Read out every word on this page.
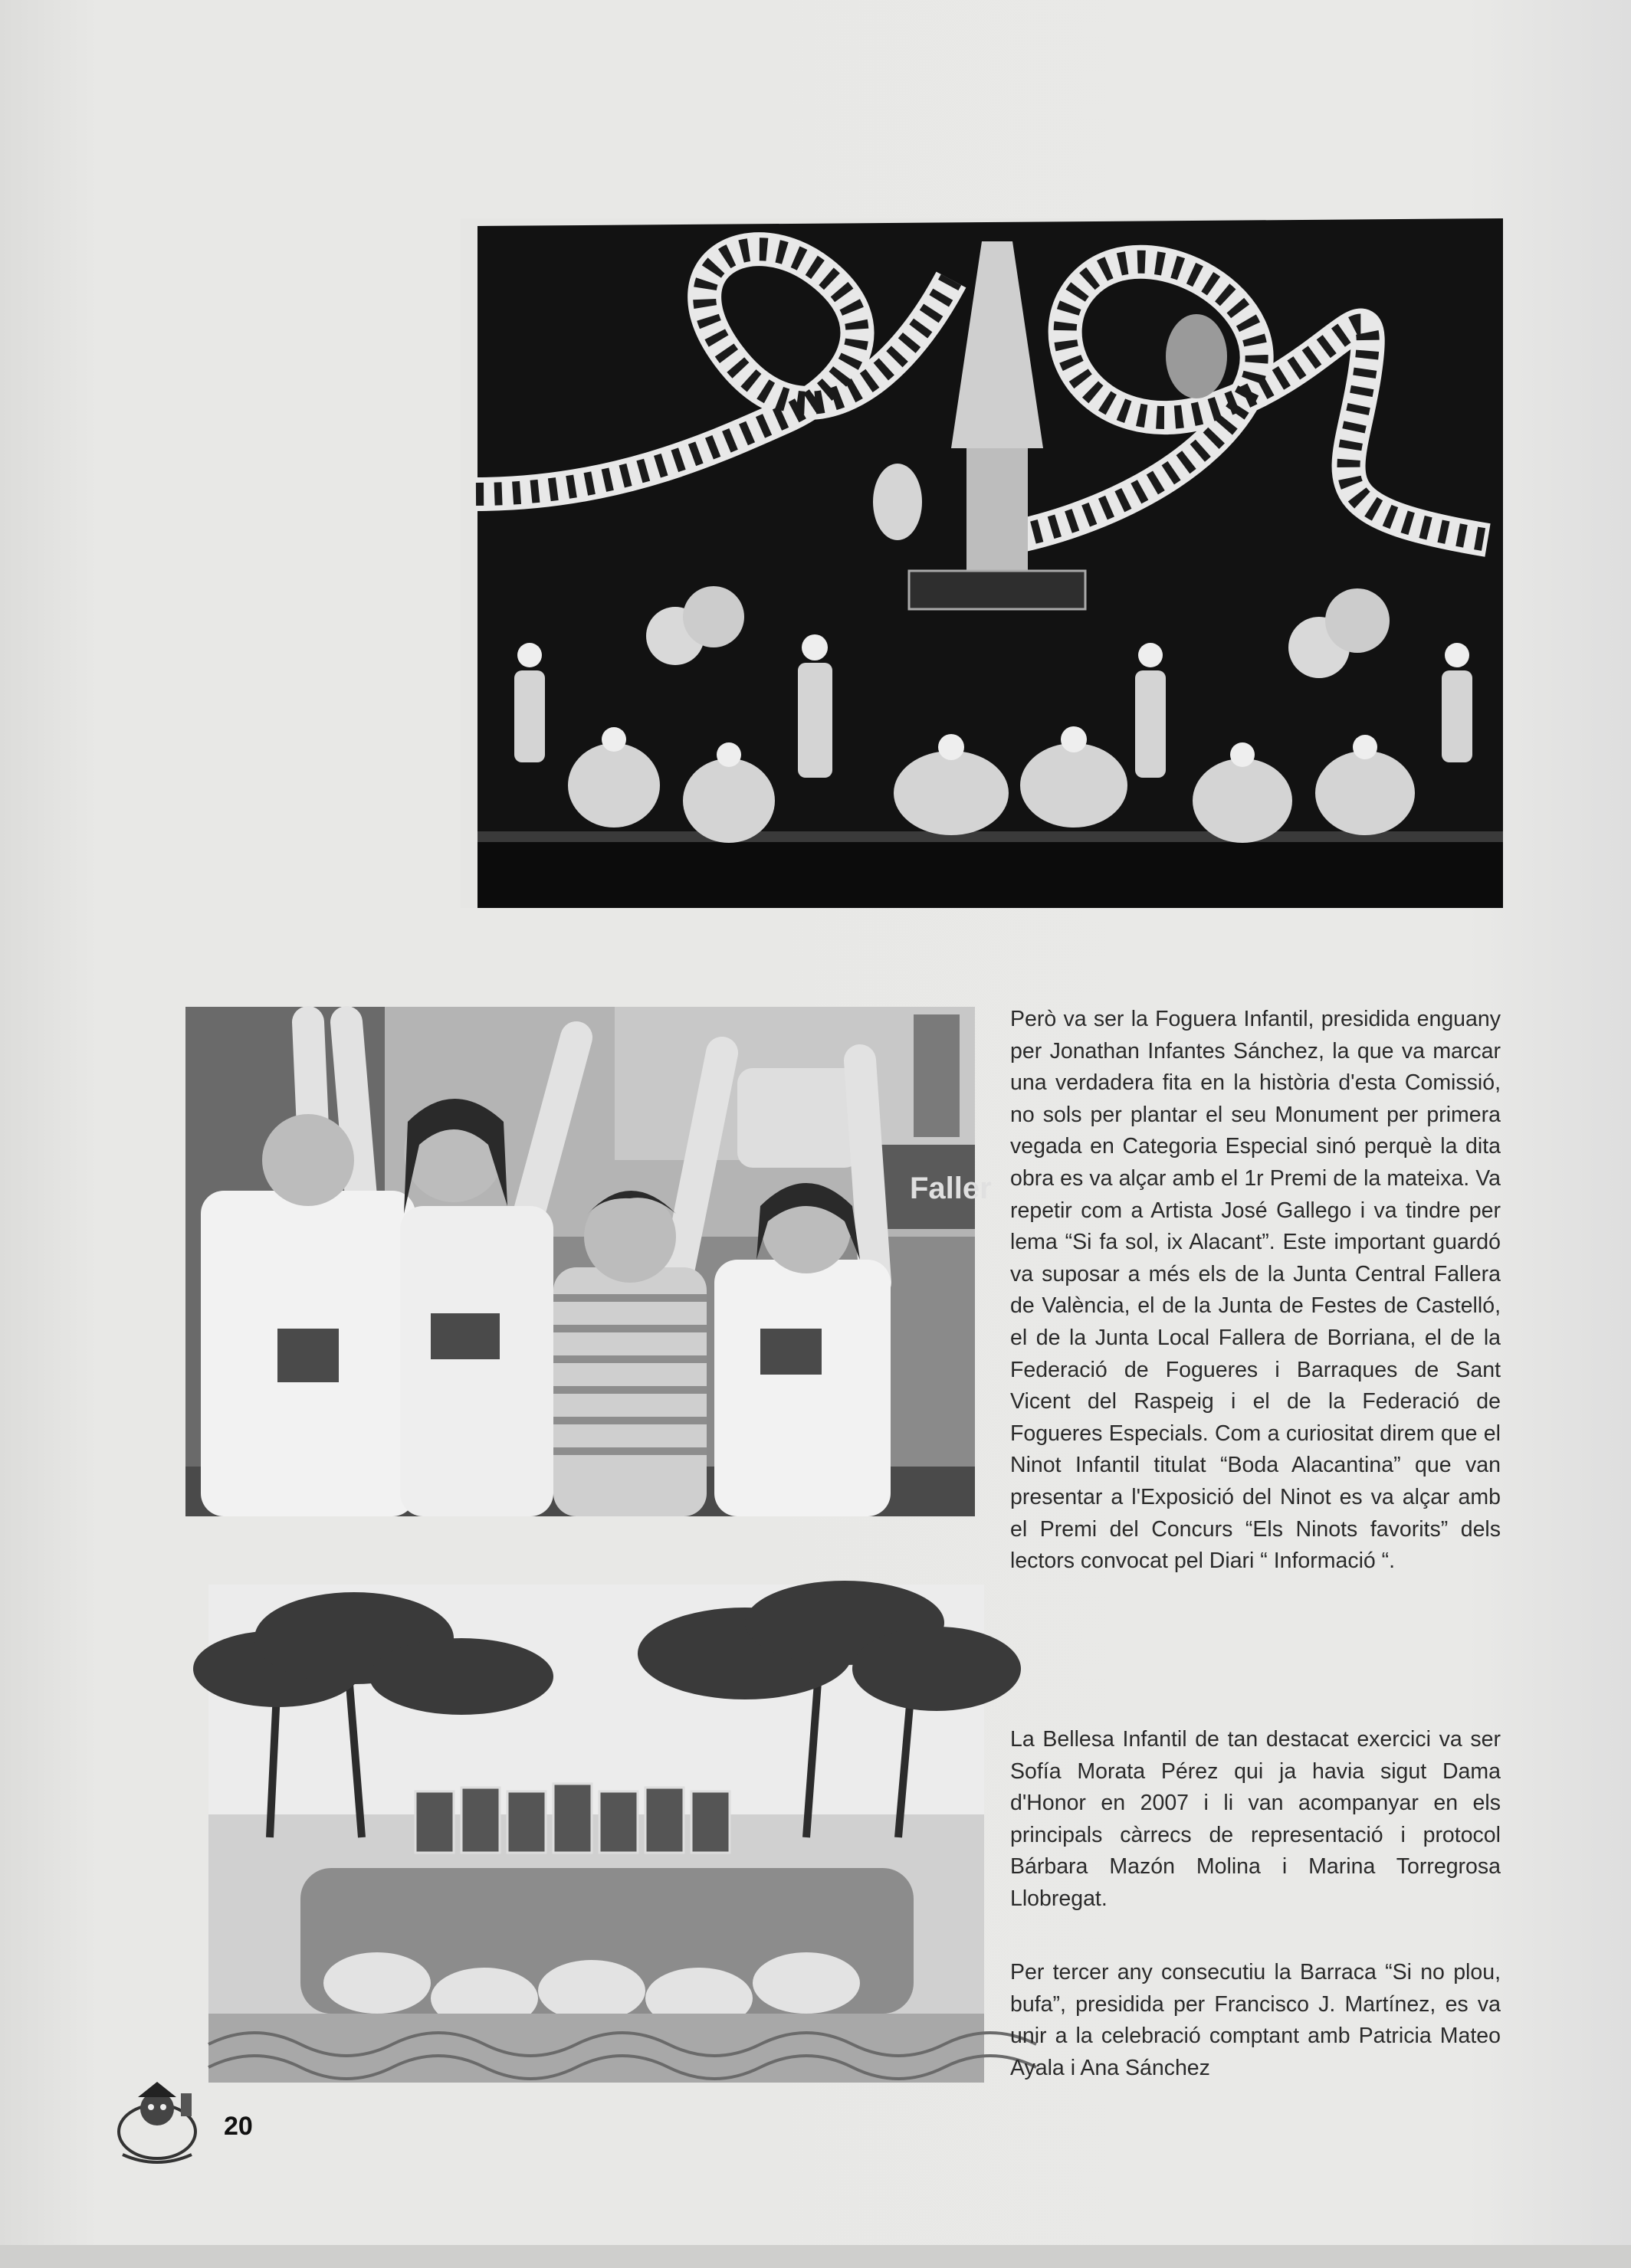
Faller

Però va ser la Foguera Infantil, presidida enguany per Jonathan Infantes Sánchez, la que va marcar una verdadera fita en la història d'esta Comissió, no sols per plantar el seu Monument per primera vegada en Categoria Especial sinó perquè la dita obra es va alçar amb el 1r Premi de la mateixa. Va repetir com a Artista José Gallego i va tindre per lema “Si fa sol, ix Alacant”. Este important guardó va suposar a més els de la Junta Central Fallera de València, el de la Junta de Festes de Castelló, el de la Junta Local Fallera de Borriana, el de la Federació de Fogueres i Barraques de Sant Vicent del Raspeig i el de la Federació de Fogueres Especials. Com a curiositat direm que el Ninot Infantil titulat “Boda Alacantina” que van presentar a l'Exposició del Ninot es va alçar amb el Premi del Concurs “Els Ninots favorits” dels lectors convocat pel Diari “ Informació “.

La Bellesa Infantil de tan destacat exercici va ser Sofía Morata Pérez qui ja havia sigut Dama d'Honor en 2007 i li van acompanyar en els principals càrrecs de representació i protocol Bárbara Mazón Molina i Marina Torregrosa Llobregat.

Per tercer any consecutiu la Barraca “Si no plou, bufa”, presidida per Francisco J. Martínez, es va unir a la celebració comptant amb Patricia Mateo Ayala i Ana Sánchez

20
